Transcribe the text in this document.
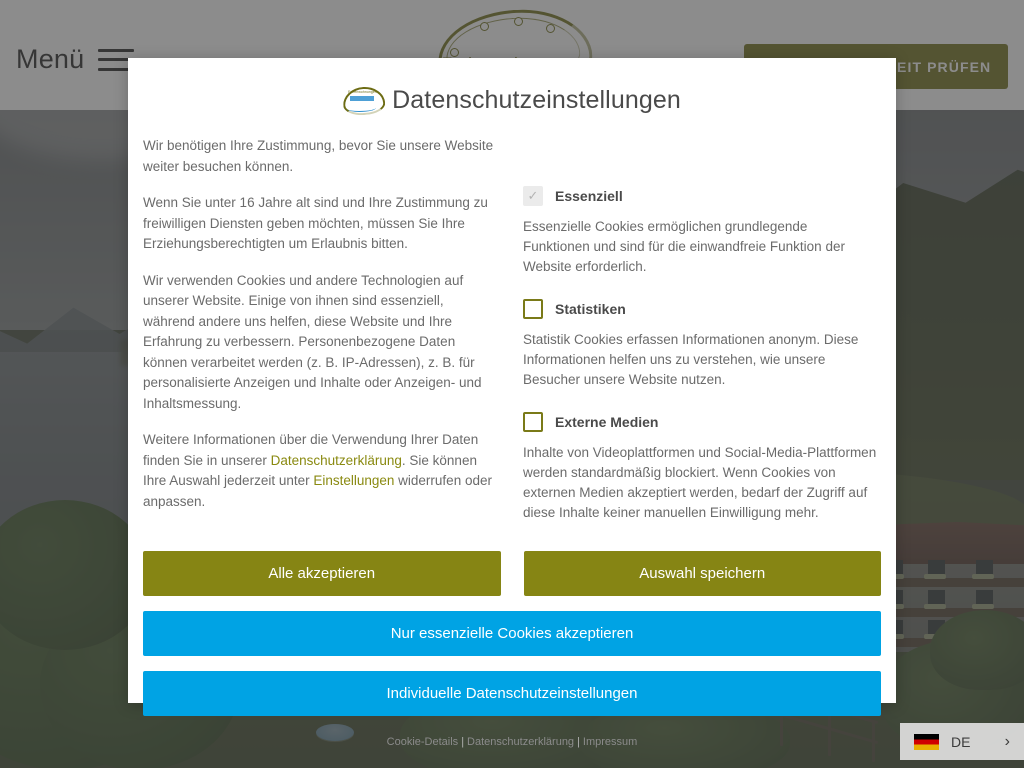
Ferienwohnungen Datenschutzeinstellungen

Wir benötigen Ihre Zustimmung, bevor Sie unsere Website weiter besuchen können.

Wenn Sie unter 16 Jahre alt sind und Ihre Zustimmung zu freiwilligen Diensten geben möchten, müssen Sie Ihre Erziehungsberechtigten um Erlaubnis bitten.

Wir verwenden Cookies und andere Technologien auf unserer Website. Einige von ihnen sind essenziell, während andere uns helfen, diese Website und Ihre Erfahrung zu verbessern. Personenbezogene Daten können verarbeitet werden (z. B. IP-Adressen), z. B. für personalisierte Anzeigen und Inhalte oder Anzeigen- und Inhaltsmessung.

Weitere Informationen über die Verwendung Ihrer Daten finden Sie in unserer Datenschutzerklärung. Sie können Ihre Auswahl jederzeit unter Einstellungen widerrufen oder anpassen.

✓	Essenziell

Essenzielle Cookies ermöglichen grundlegende Funktionen und sind für die einwandfreie Funktion der Website erforderlich.

Statistiken

Statistik Cookies erfassen Informationen anonym. Diese Informationen helfen uns zu verstehen, wie unsere Besucher unsere Website nutzen.

Externe Medien

Inhalte von Videoplattformen und Social-Media-Plattformen werden standardmäßig blockiert. Wenn Cookies von externen Medien akzeptiert werden, bedarf der Zugriff auf diese Inhalte keiner manuellen Einwilligung mehr.

Alle akzeptieren	Auswahl speichern
Nur essenzielle Cookies akzeptieren
Individuelle Datenschutzeinstellungen
Cookie-Details | Datenschutzerklärung | Impressum	DE	›
